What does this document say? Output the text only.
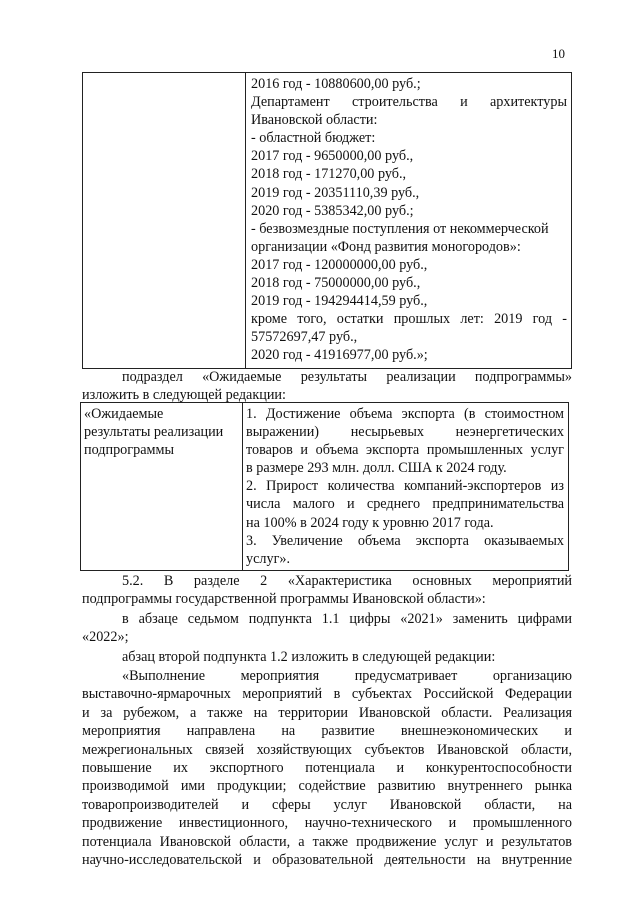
10

2016 год - 10880600,00 руб.;
Департамент строительства и архитектуры
Ивановской области:
- областной бюджет:
2017 год - 9650000,00 руб.,
2018 год - 171270,00 руб.,
2019 год - 20351110,39 руб.,
2020 год - 5385342,00 руб.;
- безвозмездные поступления от некоммерческой
организации «Фонд развития моногородов»:
2017 год - 120000000,00 руб.,
2018 год - 75000000,00 руб.,
2019 год - 194294414,59 руб.,
кроме того, остатки прошлых лет: 2019 год -
57572697,47 руб.,
2020 год - 41916977,00 руб.»;
подраздел «Ожидаемые результаты реализации подпрограммы»
изложить в следующей редакции:
«Ожидаемые
результаты реализации
подпрограммы

1. Достижение объема экспорта (в стоимостном
выражении) несырьевых неэнергетических
товаров и объема экспорта промышленных услуг
в размере 293 млн. долл. США к 2024 году.
2. Прирост количества компаний-экспортеров из
числа малого и среднего предпринимательства
на 100% в 2024 году к уровню 2017 года.
3. Увеличение объема экспорта оказываемых
услуг».
5.2. В разделе 2 «Характеристика основных мероприятий
подпрограммы государственной программы Ивановской области»:
в абзаце седьмом подпункта 1.1 цифры «2021» заменить цифрами
«2022»;
абзац второй подпункта 1.2 изложить в следующей редакции:
«Выполнение мероприятия предусматривает организацию
выставочно-ярмарочных мероприятий в субъектах Российской Федерации
и за рубежом, а также на территории Ивановской области. Реализация
мероприятия направлена на развитие внешнеэкономических и
межрегиональных связей хозяйствующих субъектов Ивановской области,
повышение их экспортного потенциала и конкурентоспособности
производимой ими продукции; содействие развитию внутреннего рынка
товаропроизводителей и сферы услуг Ивановской области, на
продвижение инвестиционного, научно-технического и промышленного
потенциала Ивановской области, а также продвижение услуг и результатов
научно-исследовательской и образовательной деятельности на внутренние
